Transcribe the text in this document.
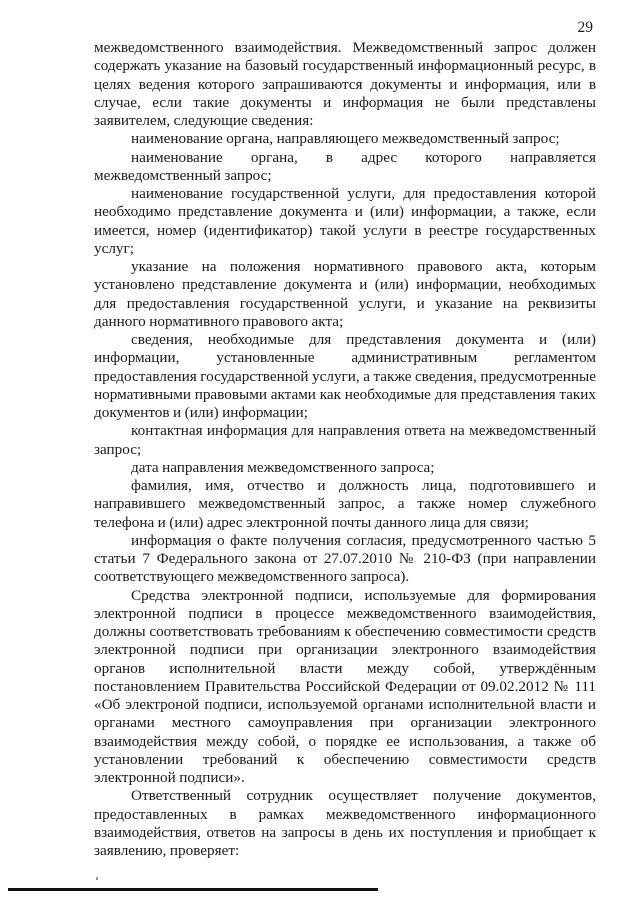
29

межведомственного взаимодействия. Межведомственный запрос должен содержать указание на базовый государственный информационный ресурс, в целях ведения которого запрашиваются документы и информация, или в случае, если такие документы и информация не были представлены заявителем, следующие сведения:

наименование органа, направляющего межведомственный запрос;

наименование органа, в адрес которого направляется межведомственный запрос;

наименование государственной услуги, для предоставления которой необходимо представление документа и (или) информации, а также, если имеется, номер (идентификатор) такой услуги в реестре государственных услуг;

указание на положения нормативного правового акта, которым установлено представление документа и (или) информации, необходимых для предоставления государственной услуги, и указание на реквизиты данного нормативного правового акта;

сведения, необходимые для представления документа и (или) информации, установленные административным регламентом предоставления государственной услуги, а также сведения, предусмотренные нормативными правовыми актами как необходимые для представления таких документов и (или) информации;

контактная информация для направления ответа на межведомственный запрос;

дата направления межведомственного запроса;

фамилия, имя, отчество и должность лица, подготовившего и направившего межведомственный запрос, а также номер служебного телефона и (или) адрес электронной почты данного лица для связи;

информация о факте получения согласия, предусмотренного частью 5 статьи 7 Федерального закона от 27.07.2010 № 210-ФЗ (при направлении соответствующего межведомственного запроса).

Средства электронной подписи, используемые для формирования электронной подписи в процессе межведомственного взаимодействия, должны соответствовать требованиям к обеспечению совместимости средств электронной подписи при организации электронного взаимодействия органов исполнительной власти между собой, утверждённым постановлением Правительства Российской Федерации от 09.02.2012 № 111 «Об электроной подписи, используемой органами исполнительной власти и органами местного самоуправления при организации электронного взаимодействия между собой, о порядке ее использования, а также об установлении требований к обеспечению совместимости средств электронной подписи».

Ответственный сотрудник осуществляет получение документов, предоставленных в рамках межведомственного информационного взаимодействия, ответов на запросы в день их поступления и приобщает к заявлению, проверяет:
